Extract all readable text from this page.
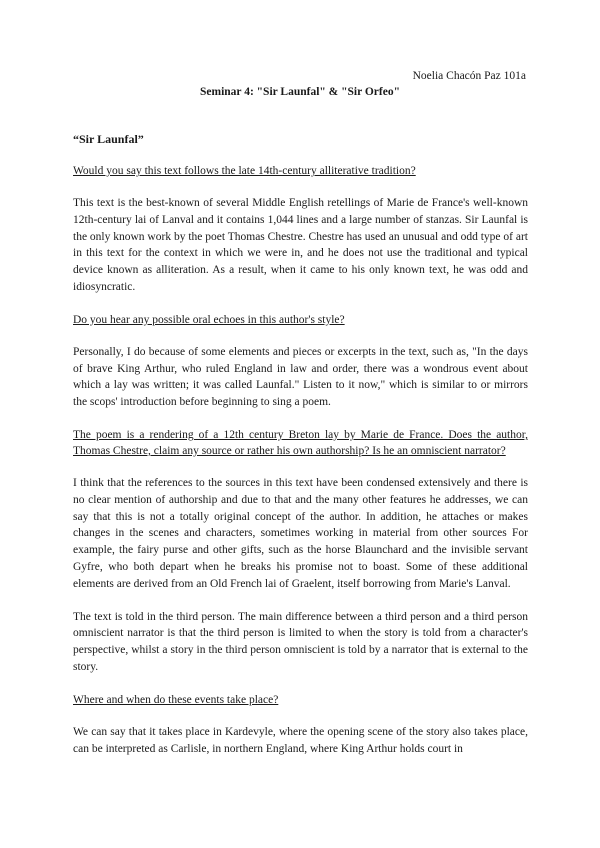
Noelia Chacón Paz 101a

Seminar 4: "Sir Launfal" & "Sir Orfeo"

“Sir Launfal”

Would you say this text follows the late 14th-century alliterative tradition?

This text is the best-known of several Middle English retellings of Marie de France's well-known 12th-century lai of Lanval and it contains 1,044 lines and a large number of stanzas. Sir Launfal is the only known work by the poet Thomas Chestre. Chestre has used an unusual and odd type of art in this text for the context in which we were in, and he does not use the traditional and typical device known as alliteration. As a result, when it came to his only known text, he was odd and idiosyncratic.

Do you hear any possible oral echoes in this author's style?

Personally, I do because of some elements and pieces or excerpts in the text, such as, "In the days of brave King Arthur, who ruled England in law and order, there was a wondrous event about which a lay was written; it was called Launfal." Listen to it now," which is similar to or mirrors the scops' introduction before beginning to sing a poem.

The poem is a rendering of a 12th century Breton lay by Marie de France. Does the author, Thomas Chestre, claim any source or rather his own authorship? Is he an omniscient narrator?

I think that the references to the sources in this text have been condensed extensively and there is no clear mention of authorship and due to that and the many other features he addresses, we can say that this is not a totally original concept of the author. In addition, he attaches or makes changes in the scenes and characters, sometimes working in material from other sources For example, the fairy purse and other gifts, such as the horse Blaunchard and the invisible servant Gyfre, who both depart when he breaks his promise not to boast. Some of these additional elements are derived from an Old French lai of Graelent, itself borrowing from Marie's Lanval.

The text is told in the third person. The main difference between a third person and a third person omniscient narrator is that the third person is limited to when the story is told from a character's perspective, whilst a story in the third person omniscient is told by a narrator that is external to the story.

Where and when do these events take place?

We can say that it takes place in Kardevyle, where the opening scene of the story also takes place, can be interpreted as Carlisle, in northern England, where King Arthur holds court in
